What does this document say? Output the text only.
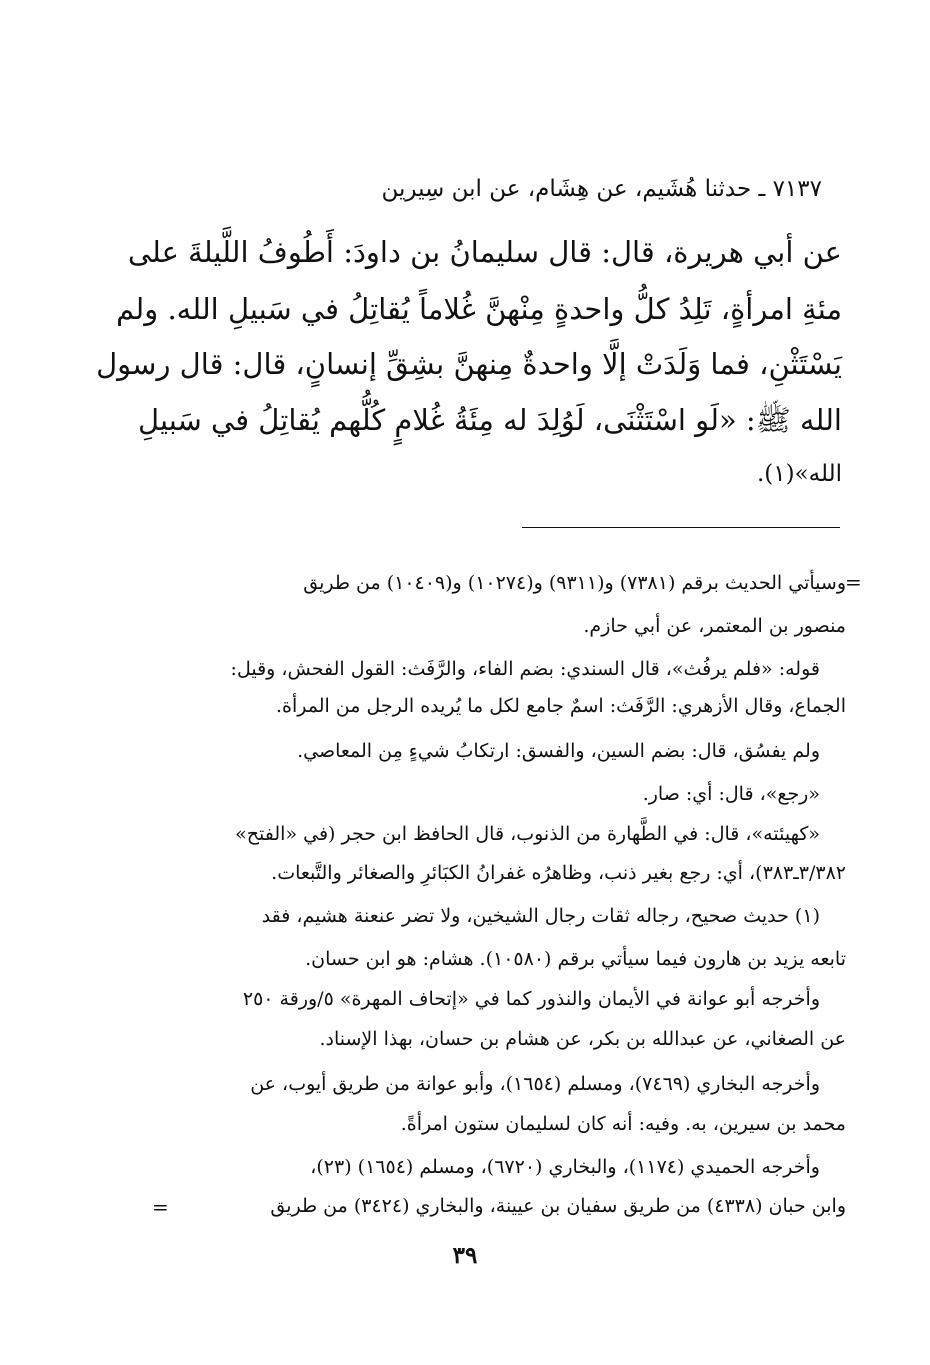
٧١٣٧ ـ حدثنا هُشَيم، عن هِشَام، عن ابن سِيرين
عن أبي هريرة، قال: قال سليمانُ بن داودَ: أَطُوفُ اللَّيلةَ على
مئةِ امرأةٍ، تَلِدُ كلُّ واحدةٍ مِنْهنَّ غُلاماً يُقاتِلُ في سَبيلِ الله. ولم
يَسْتَثْنِ، فما وَلَدَتْ إلَّا واحدةٌ مِنهنَّ بشِقِّ إنسانٍ، قال: قال رسول
الله ﷺ: «لَو اسْتَثْنَى، لَوُلِدَ له مِئَةُ غُلامٍ كُلُّهم يُقاتِلُ في سَبيلِ
الله»(١).
=
وسيأتي الحديث برقم (٧٣٨١) و(٩٣١١) و(١٠٢٧٤) و(١٠٤٠٩) من طريق
منصور بن المعتمر، عن أبي حازم.
قوله: «فلم يرفُث»، قال السندي: بضم الفاء، والرَّفَث: القول الفحش، وقيل:
الجماع، وقال الأزهري: الرَّفَث: اسمٌ جامع لكل ما يُريده الرجل من المرأة.
ولم يفسُق، قال: بضم السين، والفسق: ارتكابُ شيءٍ مِن المعاصي.
«رجع»، قال: أي: صار.
«كهيئته»، قال: في الطَّهارة من الذنوب، قال الحافظ ابن حجر (في «الفتح»
٣/٣٨٢ـ٣٨٣)، أي: رجع بغير ذنب، وظاهرُه غفرانُ الكبَائرِ والصغائر والتَّبعات.
(١) حديث صحيح، رجاله ثقات رجال الشيخين، ولا تضر عنعنة هشيم، فقد
تابعه يزيد بن هارون فيما سيأتي برقم (١٠٥٨٠). هشام: هو ابن حسان.
وأخرجه أبو عوانة في الأيمان والنذور كما في «إتحاف المهرة» ٥/ورقة ٢٥٠
عن الصغاني، عن عبدالله بن بكر، عن هشام بن حسان، بهذا الإسناد.
وأخرجه البخاري (٧٤٦٩)، ومسلم (١٦٥٤)، وأبو عوانة من طريق أيوب، عن
محمد بن سيرين، به. وفيه: أنه كان لسليمان ستون امرأةً.
وأخرجه الحميدي (١١٧٤)، والبخاري (٦٧٢٠)، ومسلم (١٦٥٤) (٢٣)،
وابن حبان (٤٣٣٨) من طريق سفيان بن عيينة، والبخاري (٣٤٢٤) من طريق
=
٣٩
